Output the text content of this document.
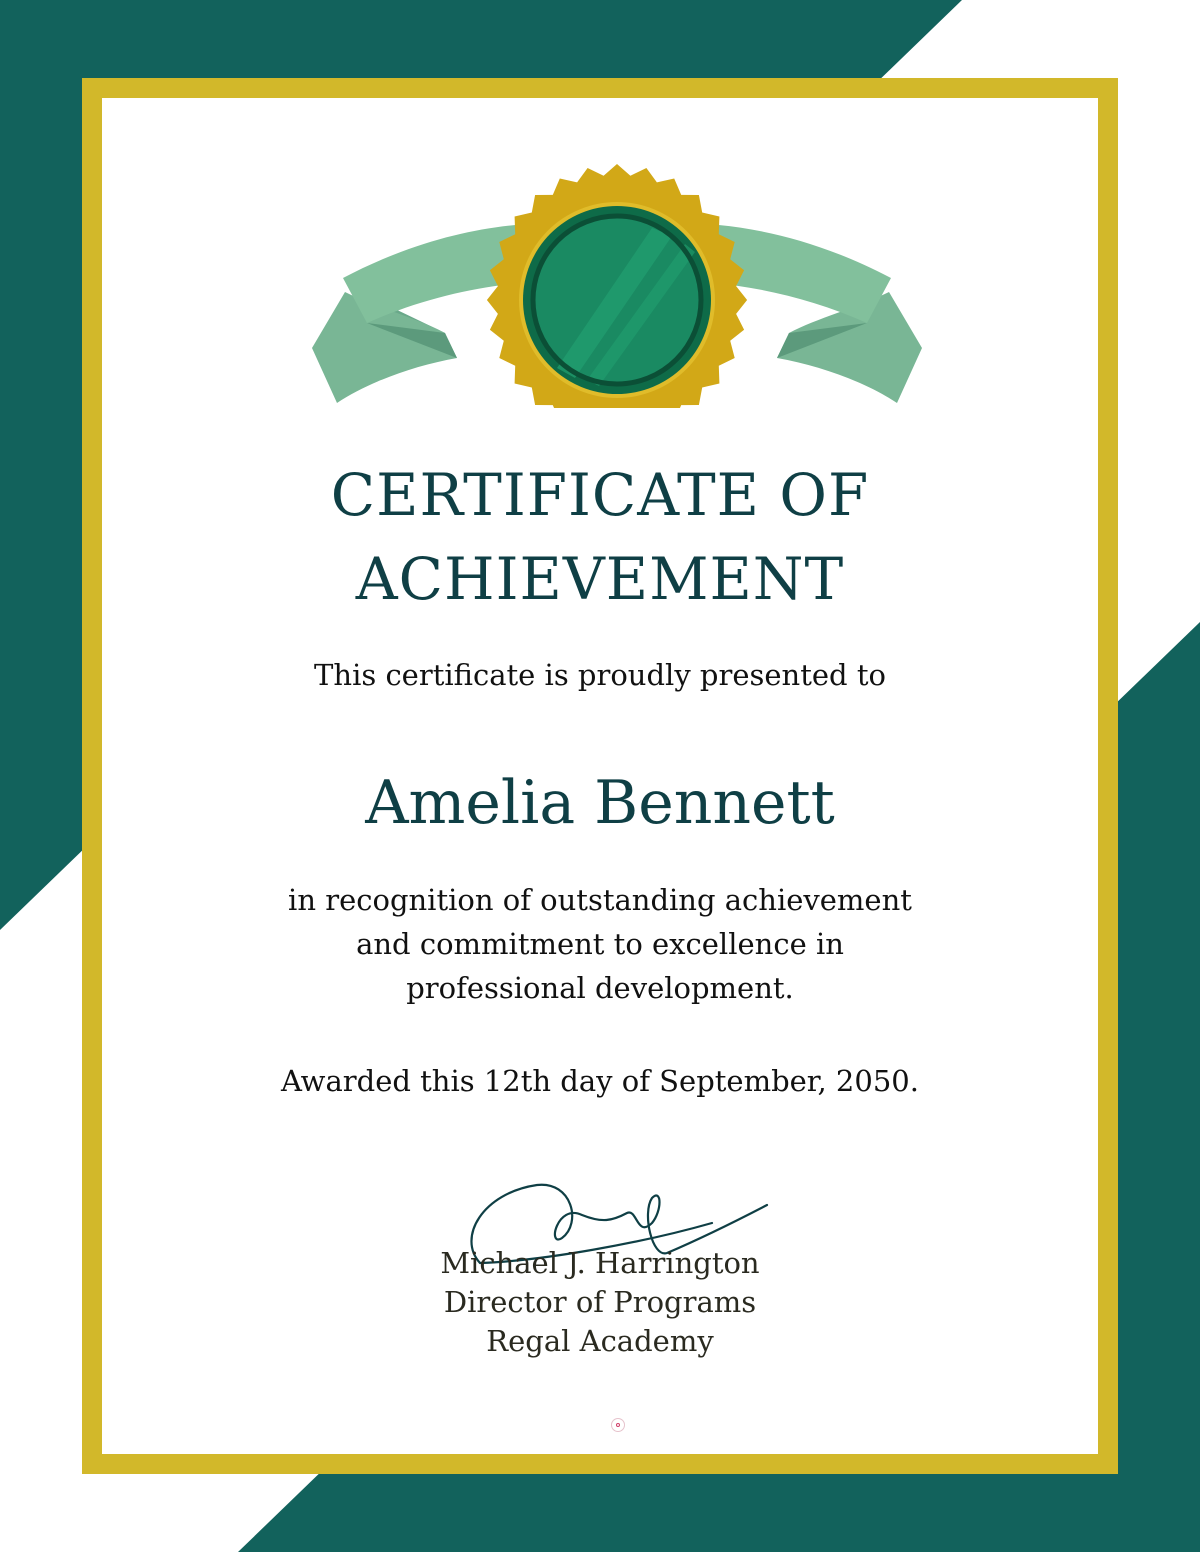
CERTIFICATE OF
ACHIEVEMENT
This certificate is proudly presented to
Amelia Bennett
in recognition of outstanding achievement and commitment to excellence in professional development.
Awarded this 12th day of September, 2050.
Michael J. Harrington
Director of Programs
Regal Academy
